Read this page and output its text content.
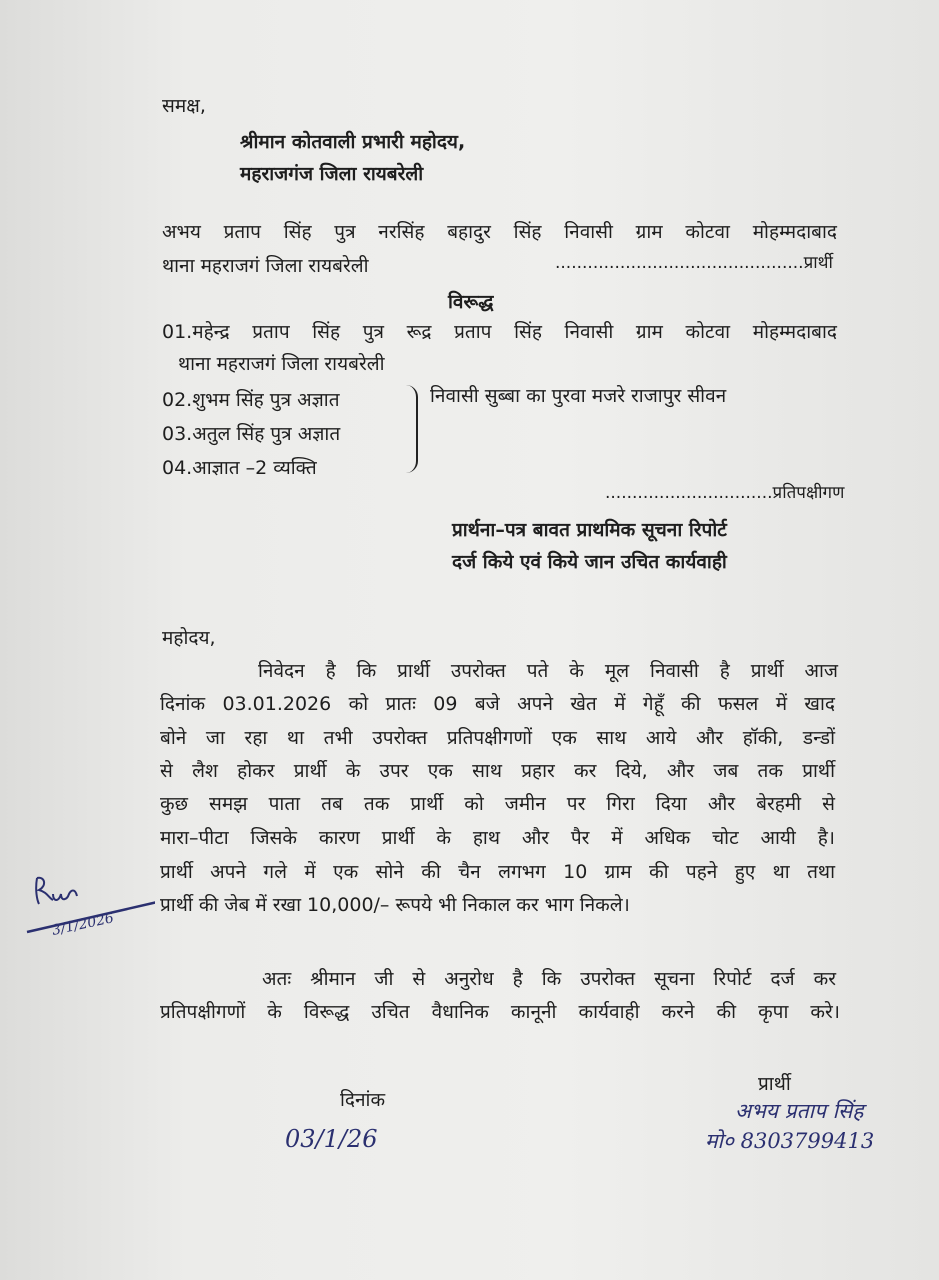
समक्ष,
श्रीमान कोतवाली प्रभारी महोदय,
महराजगंज जिला रायबरेली
अभय प्रताप सिंह पुत्र नरसिंह बहादुर सिंह निवासी ग्राम कोटवा मोहम्मदाबाद
थाना महराजगं जिला रायबरेली	..............................................प्रार्थी
विरूद्ध
01.महेन्द्र प्रताप सिंह पुत्र रूद्र प्रताप सिंह निवासी ग्राम कोटवा मोहम्मदाबाद
थाना महराजगं जिला रायबरेली
02.शुभम सिंह पुत्र अज्ञात
03.अतुल सिंह पुत्र अज्ञात
04.आज्ञात –2 व्यक्ति
निवासी सुब्बा का पुरवा मजरे राजापुर सीवन
...............................प्रतिपक्षीगण
प्रार्थना–पत्र बावत प्राथमिक सूचना रिपोर्ट
दर्ज किये एवं किये जान उचित कार्यवाही
महोदय,
निवेदन है कि प्रार्थी उपरोक्त पते के मूल निवासी है प्रार्थी आज
दिनांक 03.01.2026 को प्रातः 09 बजे अपने खेत में गेहूँ की फसल में खाद
बोने जा रहा था तभी उपरोक्त प्रतिपक्षीगणों एक साथ आये और हॉकी, डन्डों
से लैश होकर प्रार्थी के उपर एक साथ प्रहार कर दिये, और जब तक प्रार्थी
कुछ समझ पाता तब तक प्रार्थी को जमीन पर गिरा दिया और बेरहमी से
मारा–पीटा जिसके कारण प्रार्थी के हाथ और पैर में अधिक चोट आयी है।
प्रार्थी अपने गले में एक सोने की चैन लगभग 10 ग्राम की पहने हुए था तथा
प्रार्थी की जेब में रखा 10,000/– रूपये भी निकाल कर भाग निकले।
अतः श्रीमान जी से अनुरोध है कि उपरोक्त सूचना रिपोर्ट दर्ज कर
प्रतिपक्षीगणों के विरूद्ध उचित वैधानिक कानूनी कार्यवाही करने की कृपा करे।
दिनांक
03/1/26
प्रार्थी
अभय प्रताप सिंह
मो० 8303799413
3/1/2026
